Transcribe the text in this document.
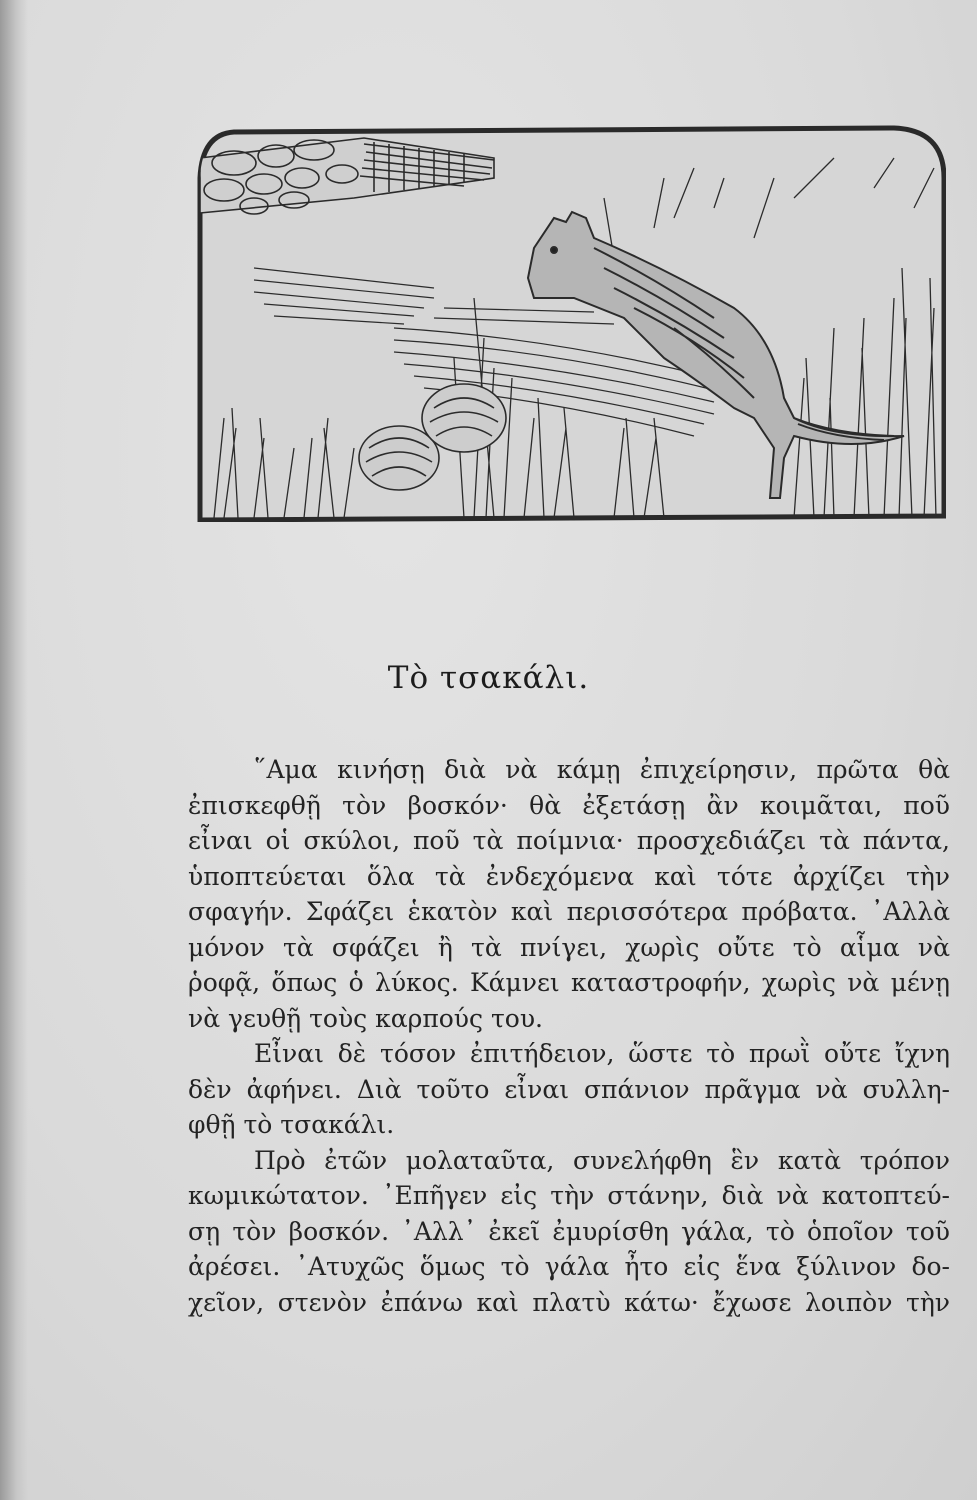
Τὸ τσακάλι.
῞Αμα κινήσῃ διὰ νὰ κάμῃ ἐπιχείρησιν, πρῶτα θὰ
ἐπισκεφθῇ τὸν βοσκόν· θὰ ἐξετάσῃ ἂν κοιμᾶται, ποῦ
εἶναι οἱ σκύλοι, ποῦ τὰ ποίμνια· προσχεδιάζει τὰ πάντα,
ὑποπτεύεται ὅλα τὰ ἐνδεχόμενα καὶ τότε ἀρχίζει τὴν
σφαγήν. Σφάζει ἑκατὸν καὶ περισσότερα πρόβατα. ᾿Αλλὰ
μόνον τὰ σφάζει ἢ τὰ πνίγει, χωρὶς οὔτε τὸ αἷμα νὰ
ῥοφᾷ, ὅπως ὁ λύκος. Κάμνει καταστροφήν, χωρὶς νὰ μένῃ
νὰ γευθῇ τοὺς καρπούς του.
Εἶναι δὲ τόσον ἐπιτήδειον, ὥστε τὸ πρωῒ οὔτε ἴχνη
δὲν ἀφήνει. Διὰ τοῦτο εἶναι σπάνιον πρᾶγμα νὰ συλλη-
φθῇ τὸ τσακάλι.
Πρὸ ἐτῶν μολαταῦτα, συνελήφθη ἓν κατὰ τρόπον
κωμικώτατον. ᾿Επῆγεν εἰς τὴν στάνην, διὰ νὰ κατοπτεύ-
σῃ τὸν βοσκόν. ᾿Αλλ᾿ ἐκεῖ ἐμυρίσθη γάλα, τὸ ὁποῖον τοῦ
ἀρέσει. ᾿Ατυχῶς ὅμως τὸ γάλα ἦτο εἰς ἕνα ξύλινον δο-
χεῖον, στενὸν ἐπάνω καὶ πλατὺ κάτω· ἔχωσε λοιπὸν τὴν
